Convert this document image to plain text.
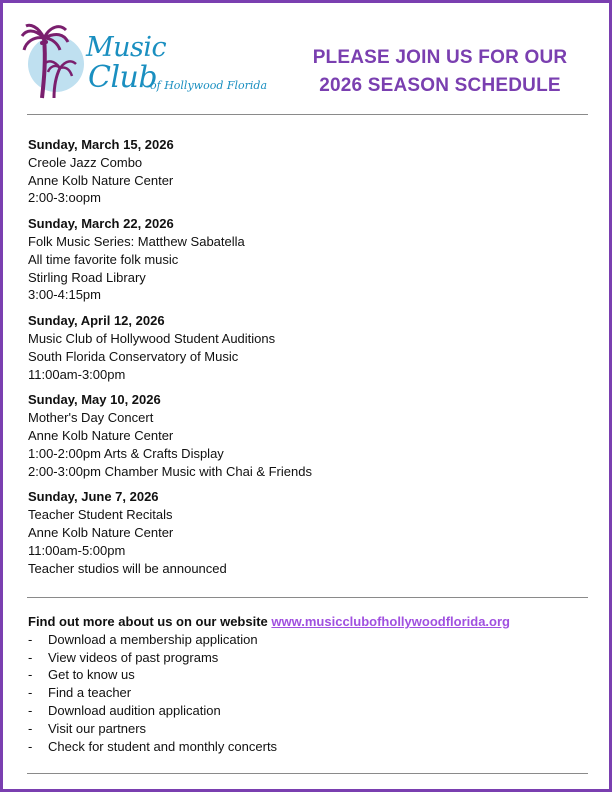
Music
Club
of Hollywood Florida
PLEASE JOIN US FOR OUR
2026 SEASON SCHEDULE
Sunday, March 15, 2026
Creole Jazz Combo
Anne Kolb Nature Center
2:00-3:oopm
Sunday, March 22, 2026
Folk Music Series: Matthew Sabatella
All time favorite folk music
Stirling Road Library
3:00-4:15pm
Sunday, April 12, 2026
Music Club of Hollywood Student Auditions
South Florida Conservatory of Music
11:00am-3:00pm
Sunday, May 10, 2026
Mother's Day Concert
Anne Kolb Nature Center
1:00-2:00pm Arts & Crafts Display
2:00-3:00pm Chamber Music with Chai & Friends
Sunday, June 7, 2026
Teacher Student Recitals
Anne Kolb Nature Center
11:00am-5:00pm
Teacher studios will be announced
Find out more about us on our website www.musicclubofhollywoodflorida.org
-	Download a membership application
-	View videos of past programs
-	Get to know us
-	Find a teacher
-	Download audition application
-	Visit our partners
-	Check for student and monthly concerts
